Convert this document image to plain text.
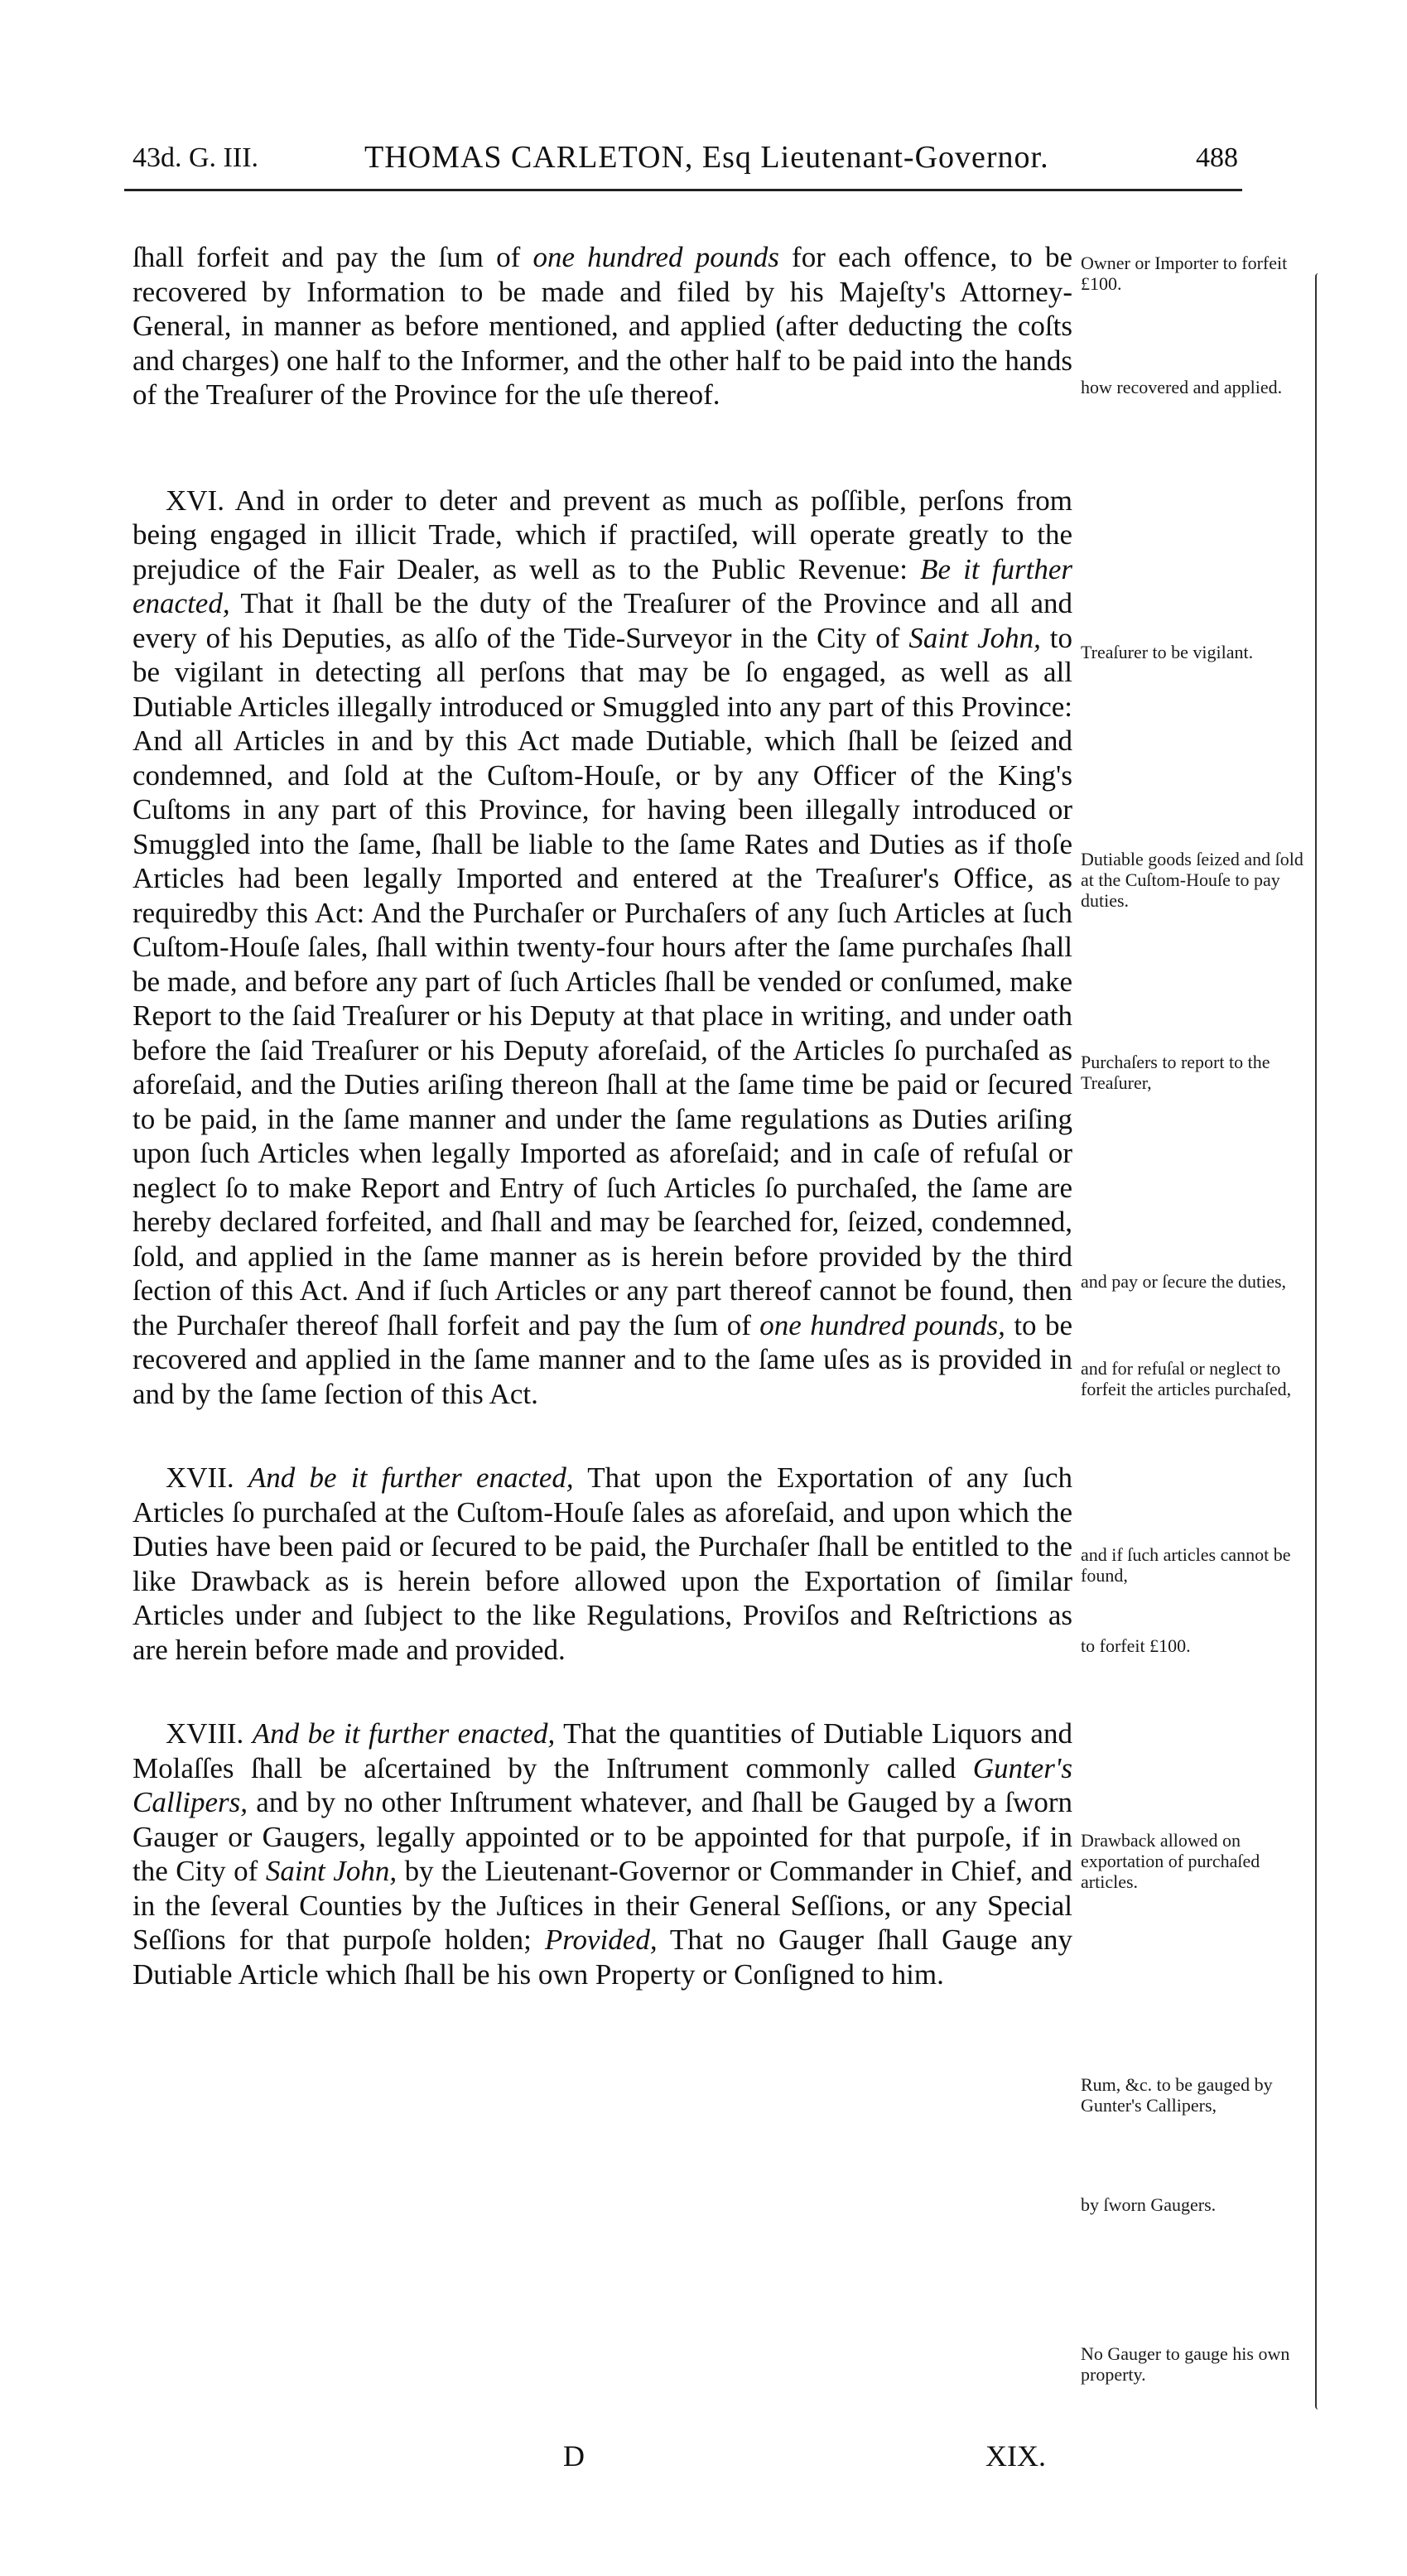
43d. G. III.	THOMAS CARLETON, Esq Lieutenant-Governor.	488

ſhall forfeit and pay the ſum of one hundred pounds for each offence, to be recovered by Information to be made and filed by his Majeſty's Attorney-General, in manner as before mentioned, and applied (after deducting the coſts and charges) one half to the Informer, and the other half to be paid into the hands of the Treaſurer of the Province for the uſe thereof.

XVI. And in order to deter and prevent as much as poſſible, perſons from being engaged in illicit Trade, which if practiſed, will operate greatly to the prejudice of the Fair Dealer, as well as to the Public Revenue: Be it further enacted, That it ſhall be the duty of the Treaſurer of the Province and all and every of his Deputies, as alſo of the Tide-Surveyor in the City of Saint John, to be vigilant in detecting all perſons that may be ſo engaged, as well as all Dutiable Articles illegally introduced or Smuggled into any part of this Province: And all Articles in and by this Act made Dutiable, which ſhall be ſeized and condemned, and ſold at the Cuſtom-Houſe, or by any Officer of the King's Cuſtoms in any part of this Province, for having been illegally introduced or Smuggled into the ſame, ſhall be liable to the ſame Rates and Duties as if thoſe Articles had been legally Imported and entered at the Treaſurer's Office, as requiredby this Act: And the Purchaſer or Purchaſers of any ſuch Articles at ſuch Cuſtom-Houſe ſales, ſhall within twenty-four hours after the ſame purchaſes ſhall be made, and before any part of ſuch Articles ſhall be vended or conſumed, make Report to the ſaid Treaſurer or his Deputy at that place in writing, and under oath before the ſaid Treaſurer or his Deputy aforeſaid, of the Articles ſo purchaſed as aforeſaid, and the Duties ariſing thereon ſhall at the ſame time be paid or ſecured to be paid, in the ſame manner and under the ſame regulations as Duties ariſing upon ſuch Articles when legally Imported as aforeſaid; and in caſe of refuſal or neglect ſo to make Report and Entry of ſuch Articles ſo purchaſed, the ſame are hereby declared forfeited, and ſhall and may be ſearched for, ſeized, condemned, ſold, and applied in the ſame manner as is herein before provided by the third ſection of this Act. And if ſuch Articles or any part thereof cannot be found, then the Purchaſer thereof ſhall forfeit and pay the ſum of one hundred pounds, to be recovered and applied in the ſame manner and to the ſame uſes as is provided in and by the ſame ſection of this Act.

XVII. And be it further enacted, That upon the Exportation of any ſuch Articles ſo purchaſed at the Cuſtom-Houſe ſales as aforeſaid, and upon which the Duties have been paid or ſecured to be paid, the Purchaſer ſhall be entitled to the like Drawback as is herein before allowed upon the Exportation of ſimilar Articles under and ſubject to the like Regulations, Proviſos and Reſtrictions as are herein before made and provided.

XVIII. And be it further enacted, That the quantities of Dutiable Liquors and Molaſſes ſhall be aſcertained by the Inſtrument commonly called Gunter's Callipers, and by no other Inſtrument whatever, and ſhall be Gauged by a ſworn Gauger or Gaugers, legally appointed or to be appointed for that purpoſe, if in the City of Saint John, by the Lieutenant-Governor or Commander in Chief, and in the ſeveral Counties by the Juſtices in their General Seſſions, or any Special Seſſions for that purpoſe holden; Provided, That no Gauger ſhall Gauge any Dutiable Article which ſhall be his own Property or Conſigned to him.

Owner or Importer to forfeit £100.
how recovered and applied.
Treaſurer to be vigilant.
Dutiable goods ſeized and ſold at the Cuſtom-Houſe to pay duties.
Purchaſers to report to the Treaſurer,
and pay or ſecure the duties,
and for refuſal or neglect to forfeit the articles purchaſed,
and if ſuch articles cannot be found,
to forfeit £100.
Drawback allowed on exportation of purchaſed articles.
Rum, &c. to be gauged by Gunter's Callipers,
by ſworn Gaugers.
No Gauger to gauge his own property.
D	XIX.
